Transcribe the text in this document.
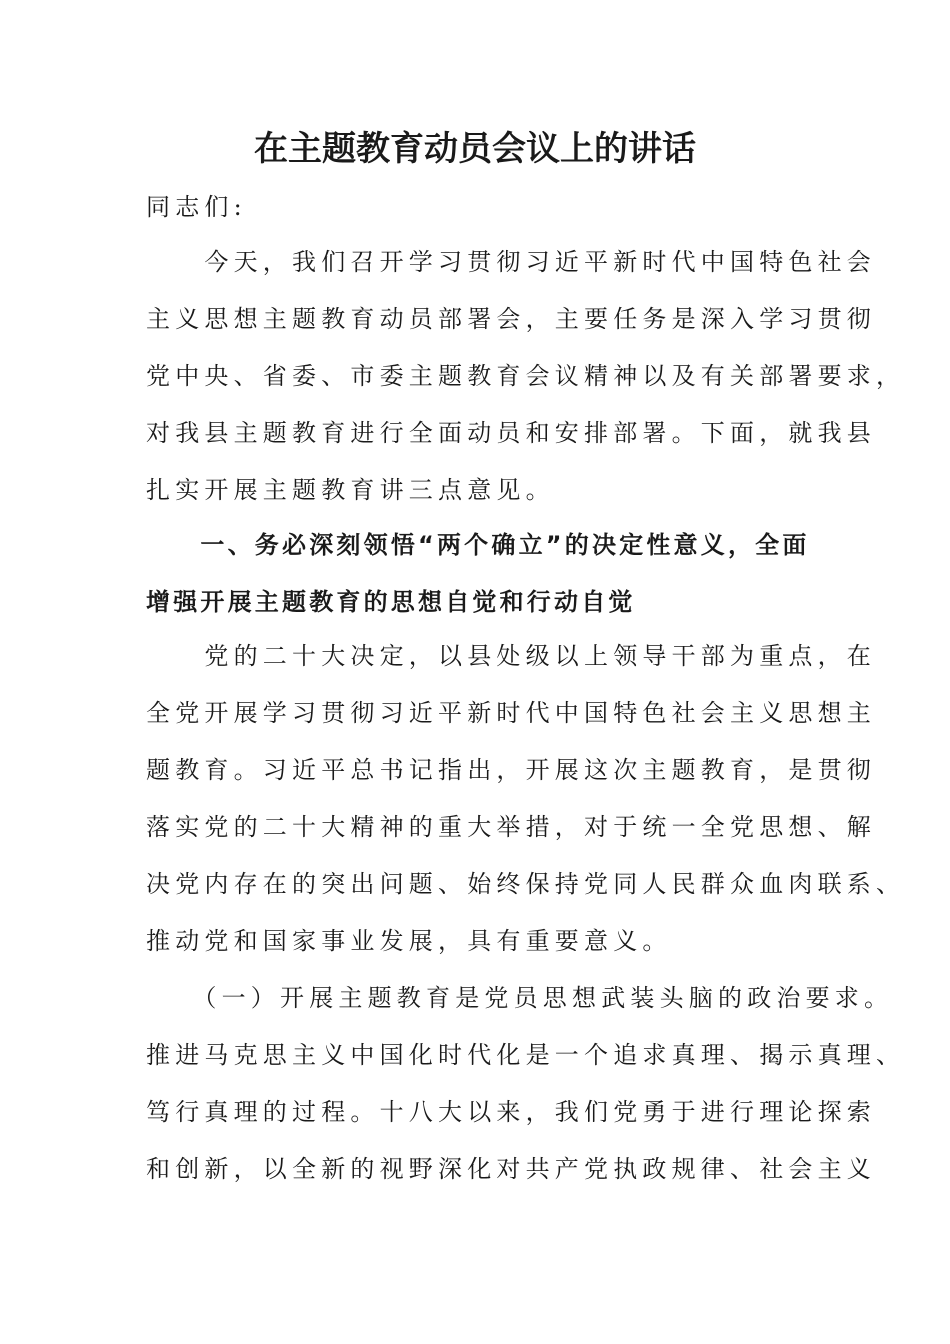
在主题教育动员会议上的讲话
同志们:
　　今天，我们召开学习贯彻习近平新时代中国特色社会
主义思想主题教育动员部署会，主要任务是深入学习贯彻
党中央、省委、市委主题教育会议精神以及有关部署要求，
对我县主题教育进行全面动员和安排部署。下面，就我县
扎实开展主题教育讲三点意见。
　　一、务必深刻领悟“两个确立”的决定性意义，全面
增强开展主题教育的思想自觉和行动自觉
　　党的二十大决定，以县处级以上领导干部为重点，在
全党开展学习贯彻习近平新时代中国特色社会主义思想主
题教育。习近平总书记指出，开展这次主题教育，是贯彻
落实党的二十大精神的重大举措，对于统一全党思想、解
决党内存在的突出问题、始终保持党同人民群众血肉联系、
推动党和国家事业发展，具有重要意义。
　　（一）开展主题教育是党员思想武装头脑的政治要求。
推进马克思主义中国化时代化是一个追求真理、揭示真理、
笃行真理的过程。十八大以来，我们党勇于进行理论探索
和创新，以全新的视野深化对共产党执政规律、社会主义
